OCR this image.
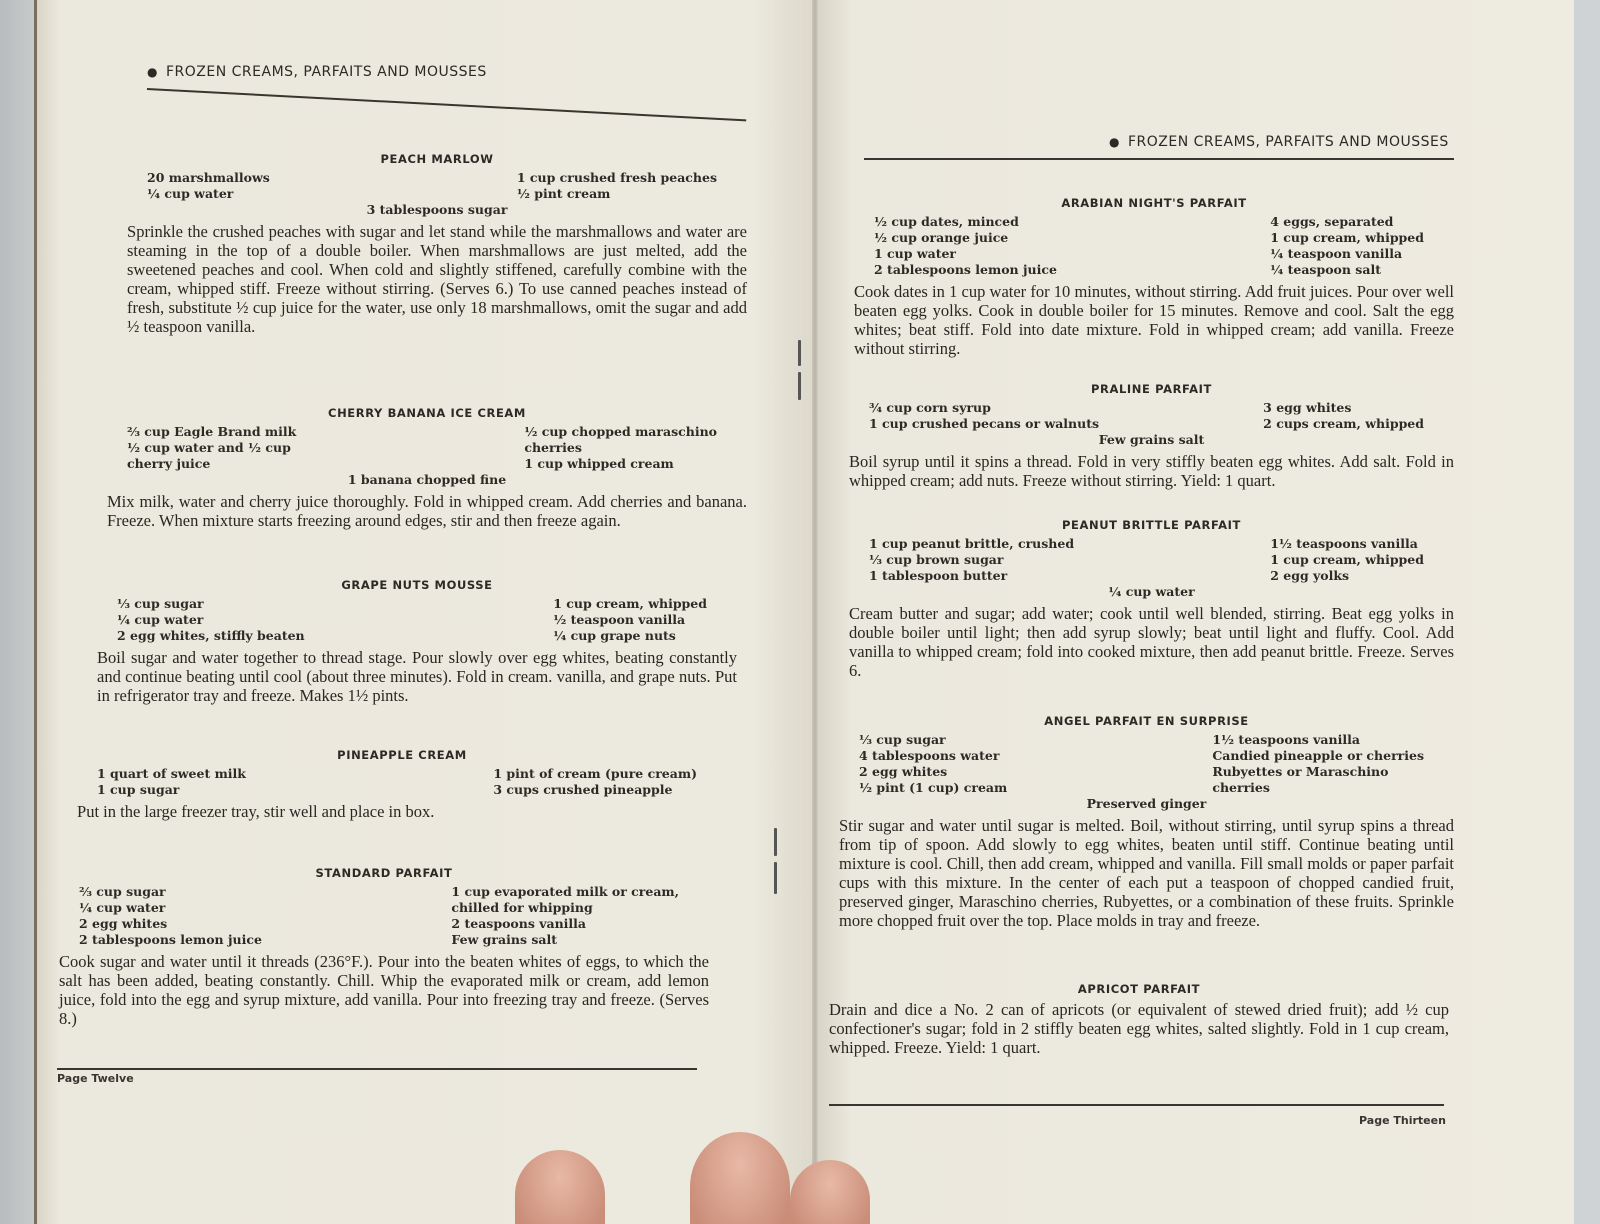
● FROZEN CREAMS, PARFAITS AND MOUSSES
PEACH MARLOW
20 marshmallows
¼ cup water
1 cup crushed fresh peaches
½ pint cream
3 tablespoons sugar
Sprinkle the crushed peaches with sugar and let stand while the marshmallows and water are steaming in the top of a double boiler. When marshmallows are just melted, add the sweetened peaches and cool. When cold and slightly stiffened, carefully combine with the cream, whipped stiff. Freeze without stirring. (Serves 6.) To use canned peaches instead of fresh, substitute ½ cup juice for the water, use only 18 marshmallows, omit the sugar and add ½ teaspoon vanilla.
CHERRY BANANA ICE CREAM
⅔ cup Eagle Brand milk
½ cup water and ½ cup
cherry juice
½ cup chopped maraschino
cherries
1 cup whipped cream
1 banana chopped fine
Mix milk, water and cherry juice thoroughly. Fold in whipped cream. Add cherries and banana. Freeze. When mixture starts freezing around edges, stir and then freeze again.
GRAPE NUTS MOUSSE
⅓ cup sugar
¼ cup water
2 egg whites, stiffly beaten
1 cup cream, whipped
½ teaspoon vanilla
¼ cup grape nuts
Boil sugar and water together to thread stage. Pour slowly over egg whites, beating constantly and continue beating until cool (about three minutes). Fold in cream. vanilla, and grape nuts. Put in refrigerator tray and freeze. Makes 1½ pints.
PINEAPPLE CREAM
1 quart of sweet milk
1 cup sugar
1 pint of cream (pure cream)
3 cups crushed pineapple
Put in the large freezer tray, stir well and place in box.
STANDARD PARFAIT
⅔ cup sugar
¼ cup water
2 egg whites
2 tablespoons lemon juice
1 cup evaporated milk or cream,
chilled for whipping
2 teaspoons vanilla
Few grains salt
Cook sugar and water until it threads (236°F.). Pour into the beaten whites of eggs, to which the salt has been added, beating constantly. Chill. Whip the evaporated milk or cream, add lemon juice, fold into the egg and syrup mixture, add vanilla. Pour into freezing tray and freeze. (Serves 8.)
Page Twelve
● FROZEN CREAMS, PARFAITS AND MOUSSES
ARABIAN NIGHT'S PARFAIT
½ cup dates, minced
½ cup orange juice
1 cup water
2 tablespoons lemon juice
4 eggs, separated
1 cup cream, whipped
¼ teaspoon vanilla
¼ teaspoon salt
Cook dates in 1 cup water for 10 minutes, without stirring. Add fruit juices. Pour over well beaten egg yolks. Cook in double boiler for 15 minutes. Remove and cool. Salt the egg whites; beat stiff. Fold into date mixture. Fold in whipped cream; add vanilla. Freeze without stirring.
PRALINE PARFAIT
¾ cup corn syrup
1 cup crushed pecans or walnuts
3 egg whites
2 cups cream, whipped
Few grains salt
Boil syrup until it spins a thread. Fold in very stiffly beaten egg whites. Add salt. Fold in whipped cream; add nuts. Freeze without stirring. Yield: 1 quart.
PEANUT BRITTLE PARFAIT
1 cup peanut brittle, crushed
⅓ cup brown sugar
1 tablespoon butter
1½ teaspoons vanilla
1 cup cream, whipped
2 egg yolks
¼ cup water
Cream butter and sugar; add water; cook until well blended, stirring. Beat egg yolks in double boiler until light; then add syrup slowly; beat until light and fluffy. Cool. Add vanilla to whipped cream; fold into cooked mixture, then add peanut brittle. Freeze. Serves 6.
ANGEL PARFAIT EN SURPRISE
⅓ cup sugar
4 tablespoons water
2 egg whites
½ pint (1 cup) cream
1½ teaspoons vanilla
Candied pineapple or cherries
Rubyettes or Maraschino
cherries
Preserved ginger
Stir sugar and water until sugar is melted. Boil, without stirring, until syrup spins a thread from tip of spoon. Add slowly to egg whites, beaten until stiff. Continue beating until mixture is cool. Chill, then add cream, whipped and vanilla. Fill small molds or paper parfait cups with this mixture. In the center of each put a teaspoon of chopped candied fruit, preserved ginger, Maraschino cherries, Rubyettes, or a combination of these fruits. Sprinkle more chopped fruit over the top. Place molds in tray and freeze.
APRICOT PARFAIT
Drain and dice a No. 2 can of apricots (or equivalent of stewed dried fruit); add ½ cup confectioner's sugar; fold in 2 stiffly beaten egg whites, salted slightly. Fold in 1 cup cream, whipped. Freeze. Yield: 1 quart.
Page Thirteen
